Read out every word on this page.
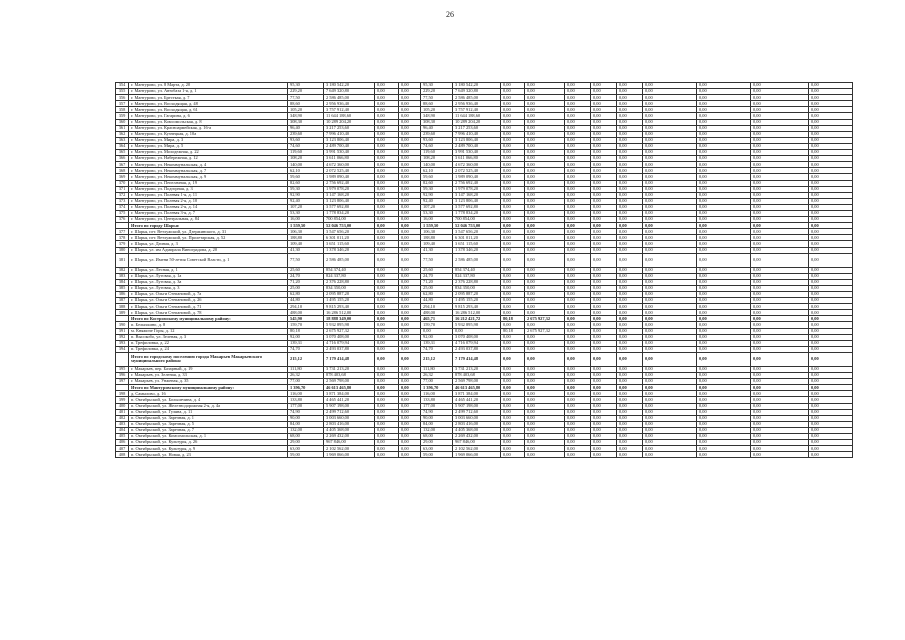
26
354	г. Мантурово, ул. 8 Марта, д. 20	95,30	3 180 542,20	0,00	0,00	95,30	3 180 542,20	0,00	0,00	0,00	0,00	0,00	0,00	0,00	0,00	0,00
355	г. Мантурово, ул. Автобаза 1-я, д. 1	229,20	7 649 320,80	0,00	0,00	229,20	7 649 320,80	0,00	0,00	0,00	0,00	0,00	0,00	0,00	0,00	0,00
356	г. Мантурово, ул. Бресткая, д. 7	77,50	2 586 485,00	0,00	0,00	77,50	2 586 485,00	0,00	0,00	0,00	0,00	0,00	0,00	0,00	0,00	0,00
357	г. Мантурово, ул. Восходящая, д. 48	88,60	2 956 936,40	0,00	0,00	88,60	2 956 936,40	0,00	0,00	0,00	0,00	0,00	0,00	0,00	0,00	0,00
358	г. Мантурово, ул. Восходящая, д. 61	105,20	3 757 912,40	0,00	0,00	105,20	3 757 912,40	0,00	0,00	0,00	0,00	0,00	0,00	0,00	0,00	0,00
359	г. Мантурово, ул. Гагарина, д. 6	348,90	11 644 188,60	0,00	0,00	348,90	11 644 188,60	0,00	0,00	0,00	0,00	0,00	0,00	0,00	0,00	0,00
360	г. Мантурово, ул. Комсомольская, д. 8	308,30	10 289 204,20	0,00	0,00	308,30	10 289 204,20	0,00	0,00	0,00	0,00	0,00	0,00	0,00	0,00	0,00
361	г. Мантурово, ул. Красноармейская, д. 16-а	96,40	3 217 253,60	0,00	0,00	96,40	3 217 253,60	0,00	0,00	0,00	0,00	0,00	0,00	0,00	0,00	0,00
362	г. Мантурово, ул. Кузнецкая, д. 10а	239,60	7 996 410,40	0,00	0,00	239,60	7 996 410,40	0,00	0,00	0,00	0,00	0,00	0,00	0,00	0,00	0,00
363	г. Мантурово, ул. Мира, д. 3	93,60	3 123 806,40	0,00	0,00	93,60	3 123 806,40	0,00	0,00	0,00	0,00	0,00	0,00	0,00	0,00	0,00
364	г. Мантурово, ул. Мира, д. 5	74,60	2 489 700,40	0,00	0,00	74,60	2 489 700,40	0,00	0,00	0,00	0,00	0,00	0,00	0,00	0,00	0,00
365	г. Мантурово, ул. Молодежная, д. 22	119,60	3 991 530,40	0,00	0,00	119,60	3 991 530,40	0,00	0,00	0,00	0,00	0,00	0,00	0,00	0,00	0,00
366	г. Мантурово, ул. Набережная, д. 12	108,20	3 611 066,80	0,00	0,00	108,20	3 611 066,80	0,00	0,00	0,00	0,00	0,00	0,00	0,00	0,00	0,00
367	г. Мантурово, ул. Некоммунальская, д. 4	140,00	4 672 360,00	0,00	0,00	140,00	4 672 360,00	0,00	0,00	0,00	0,00	0,00	0,00	0,00	0,00	0,00
368	г. Мантурово, ул. Некоммунальская, д. 7	62,10	2 072 525,40	0,00	0,00	62,10	2 072 525,40	0,00	0,00	0,00	0,00	0,00	0,00	0,00	0,00	0,00
369	г. Мантурово, ул. Некоммунальская, д. 9	59,60	1 989 090,40	0,00	0,00	59,60	1 989 090,40	0,00	0,00	0,00	0,00	0,00	0,00	0,00	0,00	0,00
370	г. Мантурово, ул. Пепелачная, д. 19	82,60	2 756 692,40	0,00	0,00	82,60	2 756 692,40	0,00	0,00	0,00	0,00	0,00	0,00	0,00	0,00	0,00
371	г. Мантурово, ул. Подгорная, д. 3	59,30	1 979 078,20	0,00	0,00	59,30	1 979 078,20	0,00	0,00	0,00	0,00	0,00	0,00	0,00	0,00	0,00
372	г. Мантурово, ул. Полевая 1-я, д. 11	92,90	3 147 168,20	0,00	0,00	92,90	3 147 168,20	0,00	0,00	0,00	0,00	0,00	0,00	0,00	0,00	0,00
373	г. Мантурово, ул. Полевая 2-я, д. 10	92,40	3 123 806,40	0,00	0,00	92,40	3 123 806,40	0,00	0,00	0,00	0,00	0,00	0,00	0,00	0,00	0,00
374	г. Мантурово, ул. Полевая 2-я, д. 14	107,20	3 577 692,80	0,00	0,00	107,20	3 577 692,80	0,00	0,00	0,00	0,00	0,00	0,00	0,00	0,00	0,00
375	г. Мантурово, ул. Полевая 3-я, д. 7	53,30	1 778 834,20	0,00	0,00	53,30	1 778 834,20	0,00	0,00	0,00	0,00	0,00	0,00	0,00	0,00	0,00
376	г. Мантурово, ул. Центральная, д. 84	16,00	700 854,00	0,00	0,00	16,00	700 854,00	0,00	0,00	0,00	0,00	0,00	0,00	0,00	0,00	0,00
	Итого по городу Шарья:	1 559,50	52 046 753,00	0,00	0,00	1 559,50	52 046 753,00	0,00	0,00	0,00	0,00	0,00	0,00	0,00	0,00	0,00
377	г. Шарья, пгт. Ветлужский, ул. Дзержинского, д. 31	106,30	3 547 656,20	0,00	0,00	106,30	3 547 656,20	0,00	0,00	0,00	0,00	0,00	0,00	0,00	0,00	0,00
378	г. Шарья, пгт. Ветлужский, ул. Пролетарская, д. 52	188,80	6 301 011,20	0,00	0,00	188,80	6 301 011,20	0,00	0,00	0,00	0,00	0,00	0,00	0,00	0,00	0,00
379	г. Шарья, ул. Дачная, д. 3	109,40	3 651 115,60	0,00	0,00	109,40	3 651 115,60	0,00	0,00	0,00	0,00	0,00	0,00	0,00	0,00	0,00
380	г. Шарья, ул. им Адмирала Виноградова, д. 20	41,30	1 378 346,20	0,00	0,00	41,30	1 378 346,20	0,00	0,00	0,00	0,00	0,00	0,00	0,00	0,00	0,00
381	г. Шарья, ул. Имени 50-летия Советской Власти, д. 1	77,50	2 586 485,00	0,00	0,00	77,50	2 586 485,00	0,00	0,00	0,00	0,00	0,00	0,00	0,00	0,00	0,00
382	г. Шарья, ул. Лесная, д. 1	25,60	854 374,40	0,00	0,00	25,60	854 374,40	0,00	0,00	0,00	0,00	0,00	0,00	0,00	0,00	0,00
383	г. Шарья, ул. Луговая, д. 1а	24,70	824 337,80	0,00	0,00	24,70	824 337,80	0,00	0,00	0,00	0,00	0,00	0,00	0,00	0,00	0,00
384	г. Шарья, ул. Луговая, д. 3а	71,20	2 376 228,80	0,00	0,00	71,20	2 376 228,80	0,00	0,00	0,00	0,00	0,00	0,00	0,00	0,00	0,00
385	г. Шарья, ул. Луговая, д. 3	25,00	834 350,00	0,00	0,00	25,00	834 350,00	0,00	0,00	0,00	0,00	0,00	0,00	0,00	0,00	0,00
386	г. Шарья, ул. Ольги Степановой, д. 7а	62,80	2 095 887,20	0,00	0,00	62,80	2 095 887,20	0,00	0,00	0,00	0,00	0,00	0,00	0,00	0,00	0,00
387	г. Шарья, ул. Ольги Степановой, д. 26	44,80	1 495 155,20	0,00	0,00	44,80	1 495 155,20	0,00	0,00	0,00	0,00	0,00	0,00	0,00	0,00	0,00
388	г. Шарья, ул. Ольги Степановой, д. 71	294,10	9 815 293,40	0,00	0,00	294,10	9 815 293,40	0,00	0,00	0,00	0,00	0,00	0,00	0,00	0,00	0,00
389	г. Шарья, ул. Ольги Степановой, д. 78	488,00	16 286 512,00	0,00	0,00	488,00	16 286 512,00	0,00	0,00	0,00	0,00	0,00	0,00	0,00	0,00	0,00
	Итого по Костромскому муниципальному району:	545,90	18 888 349,00	0,00	0,00	465,71	16 212 421,72	80,18	2 675 927,32	0,00	0,00	0,00	0,00	0,00	0,00	0,00
390	п. Белыхкино, д. 8	159,70	5 932 895,98	0,00	0,00	159,70	5 932 895,98	0,00	0,00	0,00	0,00	0,00	0,00	0,00	0,00	0,00
391	м. Княжиче Горы, д. 12	80,18	2 675 927,32	0,00	0,00	0,00	0,00	80,18	2 675 927,32	0,00	0,00	0,00	0,00	0,00	0,00	0,00
392	п. Высокобо, ул. Зеленая, д. 3	92,00	3 070 408,00	0,00	0,00	92,00	3 070 408,00	0,00	0,00	0,00	0,00	0,00	0,00	0,00	0,00	0,00
393	п. Трефиловка, д. 22	139,31	4 716 079,94	0,00	0,00	139,31	4 716 079,94	0,00	0,00	0,00	0,00	0,00	0,00	0,00	0,00	0,00
394	п. Трефиловка, д. 24	74,70	2 493 037,80	0,00	0,00	74,70	2 493 037,80	0,00	0,00	0,00	0,00	0,00	0,00	0,00	0,00	0,00
	Итого по городскому поселению города Макарьев Макарьевского муниципального района:	215,12	7 179 414,48	0,00	0,00	215,12	7 179 414,48	0,00	0,00	0,00	0,00	0,00	0,00	0,00	0,00	0,00
395	г. Макарьев, пер. Базарный, д. 19	111,80	3 731 213,20	0,00	0,00	111,80	3 731 213,20	0,00	0,00	0,00	0,00	0,00	0,00	0,00	0,00	0,00
396	г. Макарьев, ул. Зеленая, д. 33	26,32	878 403,68	0,00	0,00	26,32	878 403,68	0,00	0,00	0,00	0,00	0,00	0,00	0,00	0,00	0,00
397	г. Макарьев, ул. Унженая, д. 35	77,00	2 569 798,00	0,00	0,00	77,00	2 569 798,00	0,00	0,00	0,00	0,00	0,00	0,00	0,00	0,00	0,00
	Итого по Мантуровскому муниципальному району:	1 396,70	46 613 465,80	0,00	0,00	1 396,70	46 613 465,80	0,00	0,00	0,00	0,00	0,00	0,00	0,00	0,00	0,00
398	д. Самылово, д. 16	116,00	3 871 384,00	0,00	0,00	116,00	3 871 384,00	0,00	0,00	0,00	0,00	0,00	0,00	0,00	0,00	0,00
399	п. Октябрьский, ул. Большечина, д. 4	133,80	4 465 441,20	0,00	0,00	133,80	4 465 441,20	0,00	0,00	0,00	0,00	0,00	0,00	0,00	0,00	0,00
400	п. Октябрьский, ул. Железнодорожная 2-я, д. 4а	177,00	5 907 198,00	0,00	0,00	177,00	5 907 198,00	0,00	0,00	0,00	0,00	0,00	0,00	0,00	0,00	0,00
401	п. Октябрьский, ул. Гуляна, д. 11	74,90	2 499 712,60	0,00	0,00	74,90	2 499 712,60	0,00	0,00	0,00	0,00	0,00	0,00	0,00	0,00	0,00
402	п. Октябрьский, ул. Заречная, д. 1	90,00	3 003 660,00	0,00	0,00	90,00	3 003 660,00	0,00	0,00	0,00	0,00	0,00	0,00	0,00	0,00	0,00
403	п. Октябрьский, ул. Заречная, д. 5	84,00	2 803 416,00	0,00	0,00	84,00	2 803 416,00	0,00	0,00	0,00	0,00	0,00	0,00	0,00	0,00	0,00
404	п. Октябрьский, ул. Заречная, д. 7	132,00	4 405 368,00	0,00	0,00	132,00	4 405 368,00	0,00	0,00	0,00	0,00	0,00	0,00	0,00	0,00	0,00
405	п. Октябрьский, ул. Комсомольская, д. 1	68,00	2 269 432,00	0,00	0,00	68,00	2 269 432,00	0,00	0,00	0,00	0,00	0,00	0,00	0,00	0,00	0,00
406	п. Октябрьский, ул. Культуры, д. 26	29,00	967 846,00	0,00	0,00	29,00	967 846,00	0,00	0,00	0,00	0,00	0,00	0,00	0,00	0,00	0,00
407	п. Октябрьский, ул. Культуры, д. 9	63,00	2 102 562,00	0,00	0,00	63,00	2 102 562,00	0,00	0,00	0,00	0,00	0,00	0,00	0,00	0,00	0,00
408	п. Октябрьский, ул. Новая, д. 23	59,00	1 969 066,00	0,00	0,00	59,00	1 969 066,00	0,00	0,00	0,00	0,00	0,00	0,00	0,00	0,00	0,00
